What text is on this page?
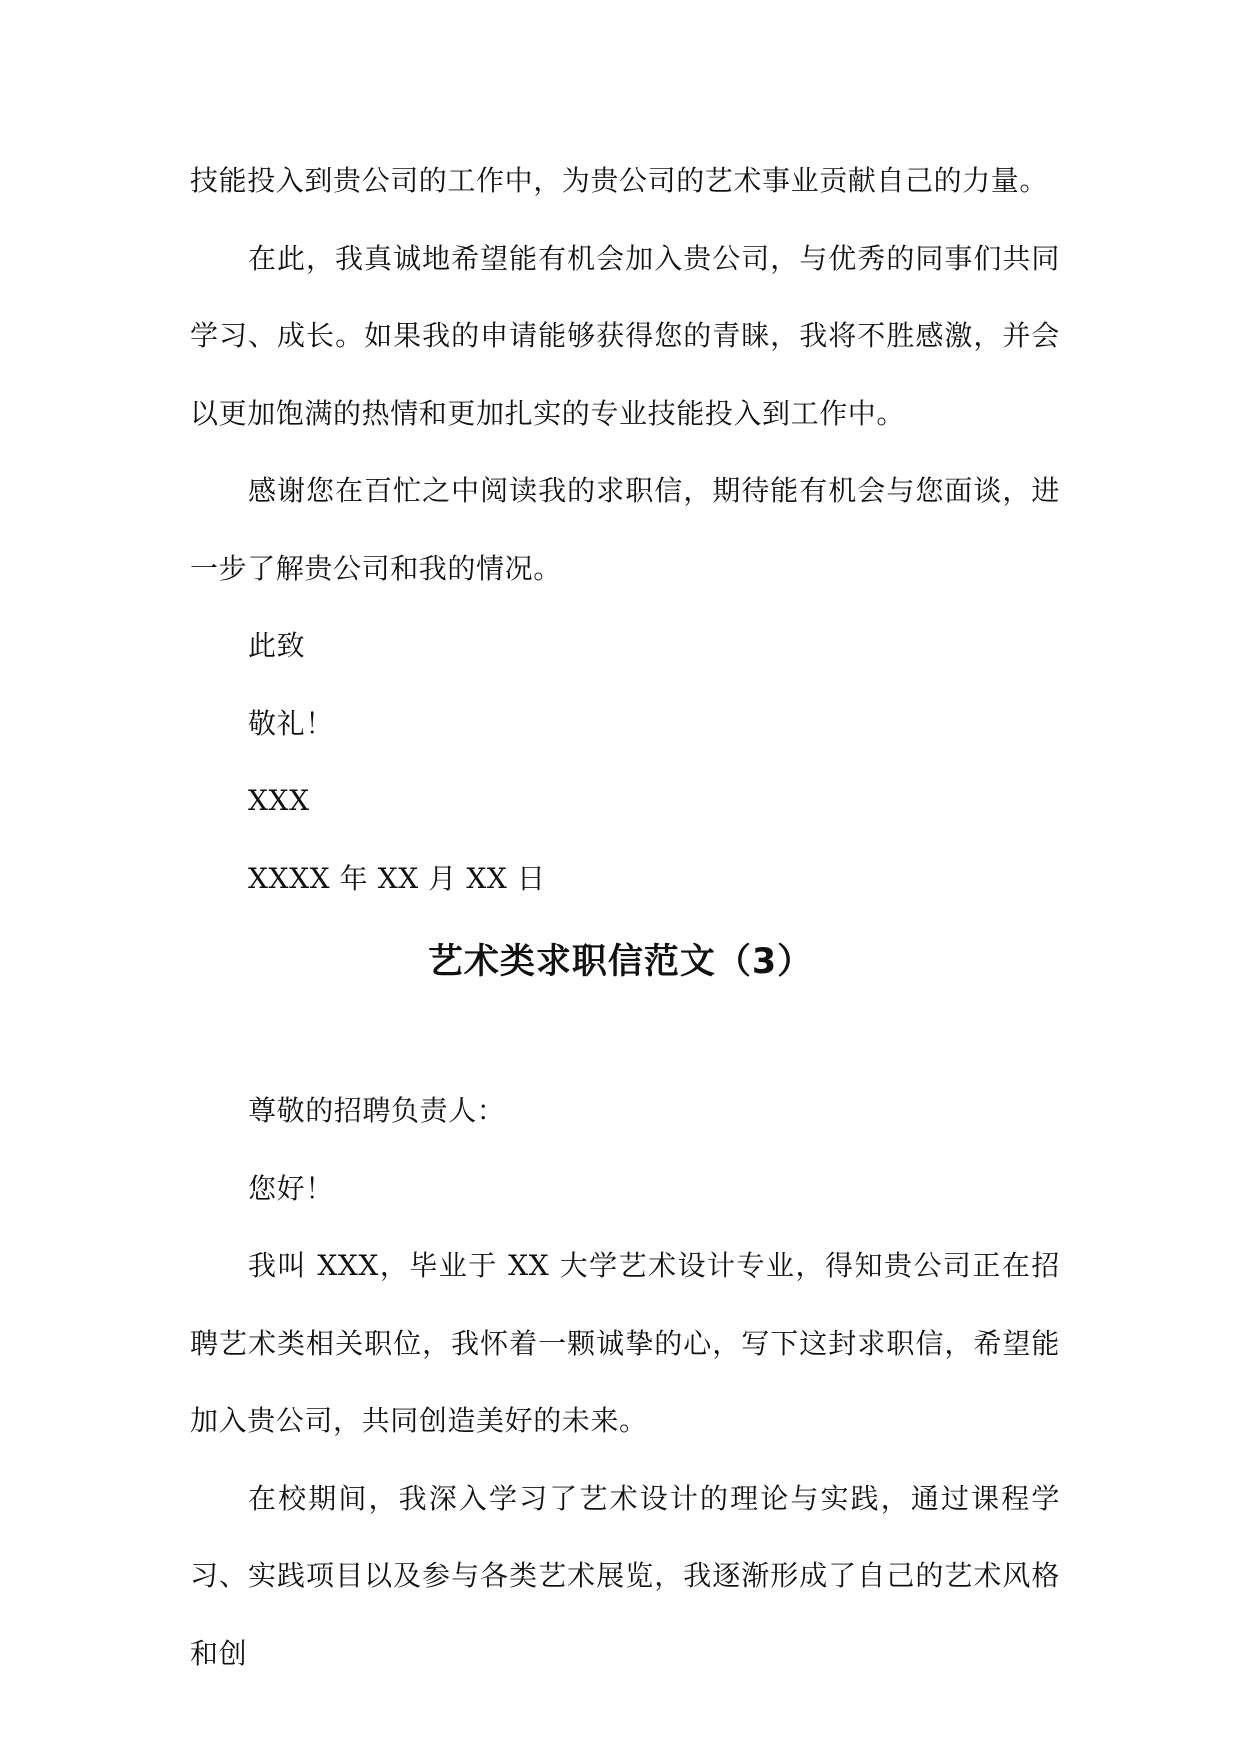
技能投入到贵公司的工作中，为贵公司的艺术事业贡献自己的力量。

在此，我真诚地希望能有机会加入贵公司，与优秀的同事们共同学习、成长。如果我的申请能够获得您的青睐，我将不胜感激，并会以更加饱满的热情和更加扎实的专业技能投入到工作中。

感谢您在百忙之中阅读我的求职信，期待能有机会与您面谈，进一步了解贵公司和我的情况。

此致

敬礼！

XXX

XXXX 年 XX 月 XX 日

艺术类求职信范文（3）

尊敬的招聘负责人：

您好！

我叫 XXX，毕业于 XX 大学艺术设计专业，得知贵公司正在招聘艺术类相关职位，我怀着一颗诚挚的心，写下这封求职信，希望能加入贵公司，共同创造美好的未来。

在校期间，我深入学习了艺术设计的理论与实践，通过课程学习、实践项目以及参与各类艺术展览，我逐渐形成了自己的艺术风格和创
